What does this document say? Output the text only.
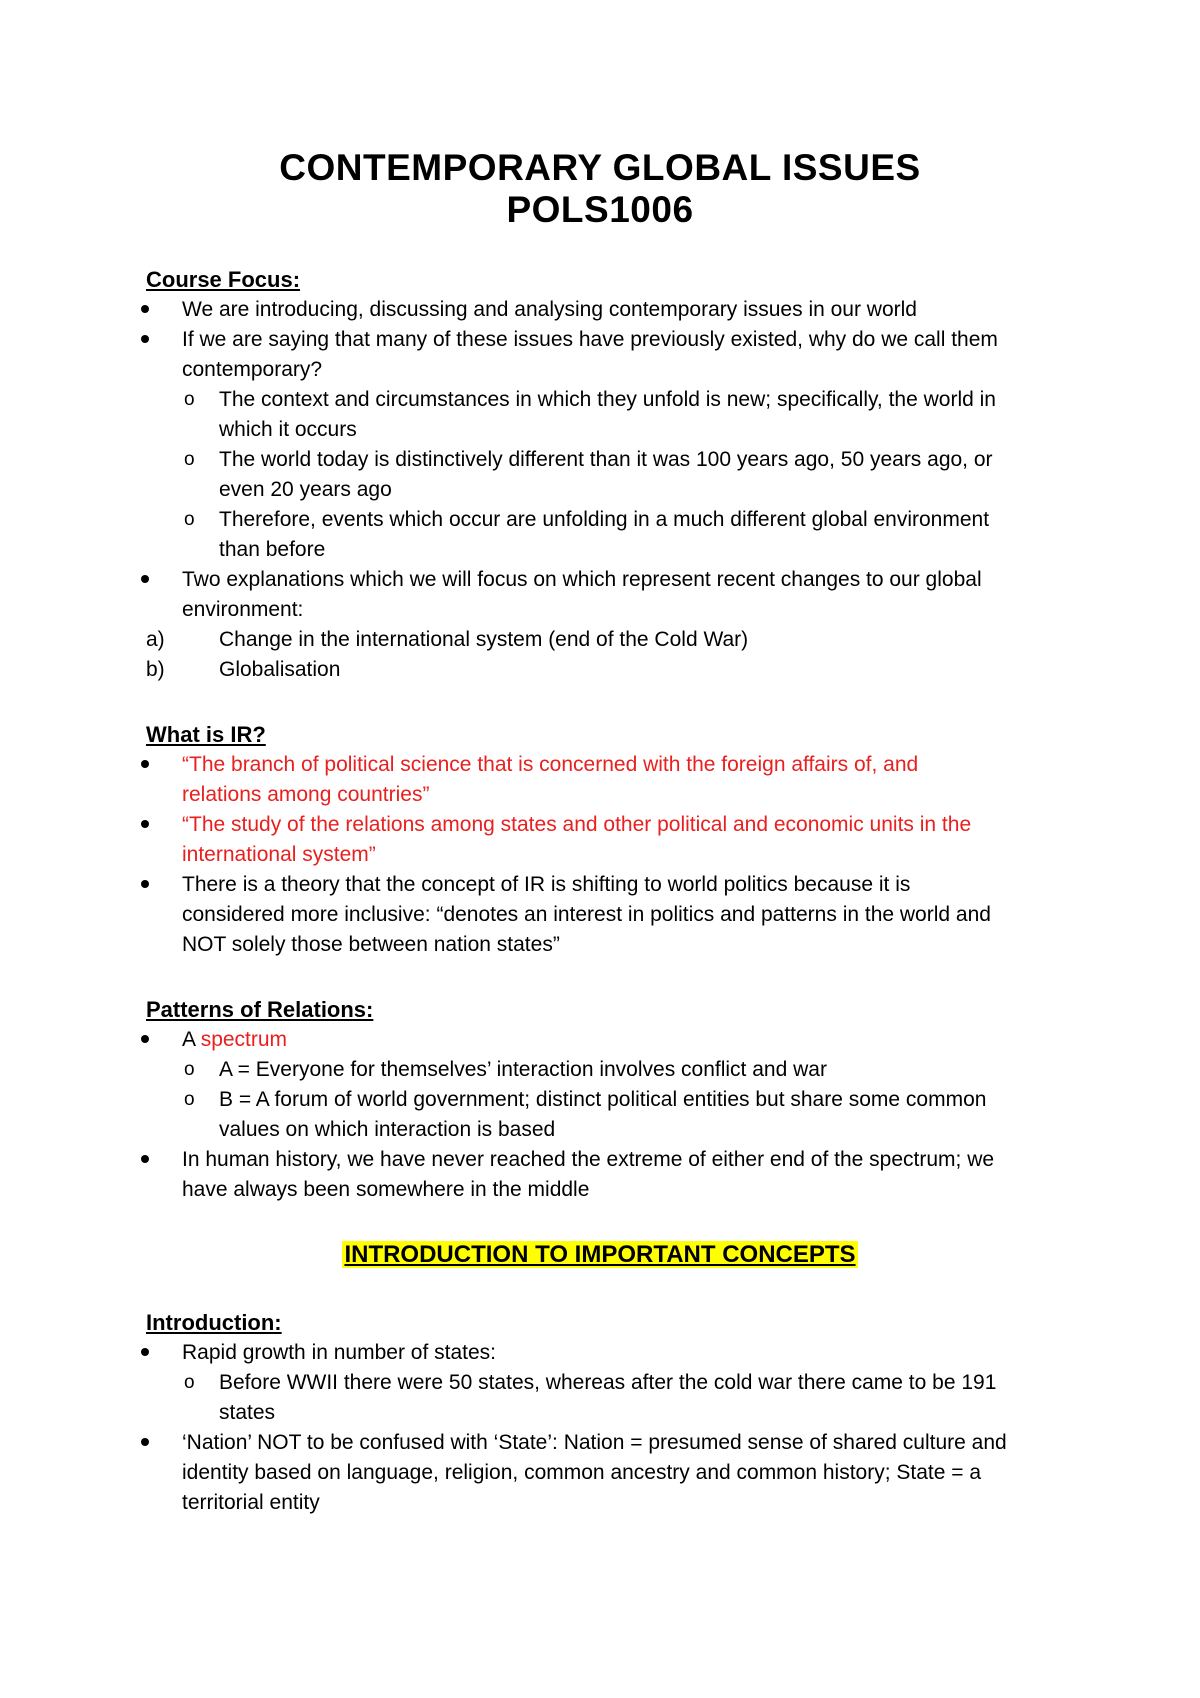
CONTEMPORARY GLOBAL ISSUES
POLS1006
Course Focus:
We are introducing, discussing and analysing contemporary issues in our world
If we are saying that many of these issues have previously existed, why do we call them
contemporary?
o The context and circumstances in which they unfold is new; specifically, the world in
which it occurs
o The world today is distinctively different than it was 100 years ago, 50 years ago, or
even 20 years ago
o Therefore, events which occur are unfolding in a much different global environment
than before
Two explanations which we will focus on which represent recent changes to our global
environment:
a)	Change in the international system (end of the Cold War)
b)	Globalisation
What is IR?
“The branch of political science that is concerned with the foreign affairs of, and
relations among countries”
“The study of the relations among states and other political and economic units in the
international system”
There is a theory that the concept of IR is shifting to world politics because it is
considered more inclusive: “denotes an interest in politics and patterns in the world and
NOT solely those between nation states”
Patterns of Relations:
A spectrum
o A = Everyone for themselves’ interaction involves conflict and war
o B = A forum of world government; distinct political entities but share some common
values on which interaction is based
In human history, we have never reached the extreme of either end of the spectrum; we
have always been somewhere in the middle
INTRODUCTION TO IMPORTANT CONCEPTS
Introduction:
Rapid growth in number of states:
o Before WWII there were 50 states, whereas after the cold war there came to be 191
states
‘Nation’ NOT to be confused with ‘State’: Nation = presumed sense of shared culture and
identity based on language, religion, common ancestry and common history; State = a
territorial entity
